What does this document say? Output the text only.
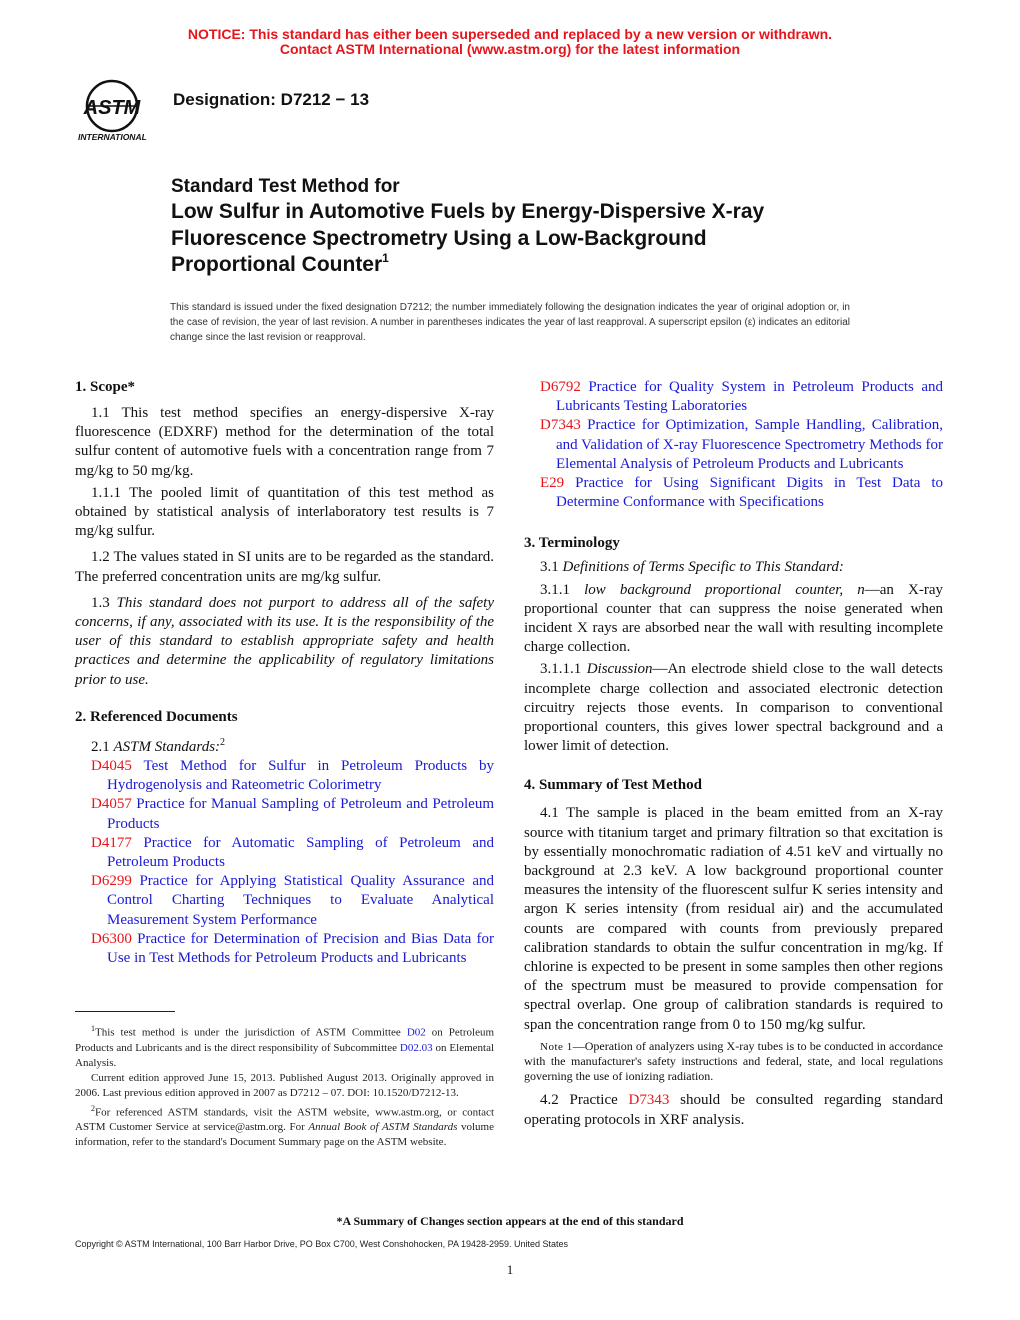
NOTICE: This standard has either been superseded and replaced by a new version or withdrawn.
Contact ASTM International (www.astm.org) for the latest information
ASTM
INTERNATIONAL
Designation: D7212 − 13
Standard Test Method for
Low Sulfur in Automotive Fuels by Energy-Dispersive X-ray
Fluorescence Spectrometry Using a Low-Background
Proportional Counter$^1$
This standard is issued under the fixed designation D7212; the number immediately following the designation indicates the year of original adoption or, in the case of revision, the year of last revision. A number in parentheses indicates the year of last reapproval. A superscript epsilon (ε) indicates an editorial change since the last revision or reapproval.
1. Scope*

1.1 This test method specifies an energy-dispersive X-ray fluorescence (EDXRF) method for the determination of the total sulfur content of automotive fuels with a concentration range from 7 mg/kg to 50 mg/kg.

1.1.1 The pooled limit of quantitation of this test method as obtained by statistical analysis of interlaboratory test results is 7 mg/kg sulfur.

1.2 The values stated in SI units are to be regarded as the standard. The preferred concentration units are mg/kg sulfur.

1.3 This standard does not purport to address all of the safety concerns, if any, associated with its use. It is the responsibility of the user of this standard to establish appropriate safety and health practices and determine the applicability of regulatory limitations prior to use.

2. Referenced Documents

2.1 ASTM Standards:$^2$

D4045 Test Method for Sulfur in Petroleum Products by Hydrogenolysis and Rateometric Colorimetry

D4057 Practice for Manual Sampling of Petroleum and Petroleum Products

D4177 Practice for Automatic Sampling of Petroleum and Petroleum Products

D6299 Practice for Applying Statistical Quality Assurance and Control Charting Techniques to Evaluate Analytical Measurement System Performance

D6300 Practice for Determination of Precision and Bias Data for Use in Test Methods for Petroleum Products and Lubricants

$^1$This test method is under the jurisdiction of ASTM Committee D02 on Petroleum Products and Lubricants and is the direct responsibility of Subcommittee D02.03 on Elemental Analysis.

Current edition approved June 15, 2013. Published August 2013. Originally approved in 2006. Last previous edition approved in 2007 as D7212 – 07. DOI: 10.1520/D7212-13.

$^2$For referenced ASTM standards, visit the ASTM website, www.astm.org, or contact ASTM Customer Service at service@astm.org. For Annual Book of ASTM Standards volume information, refer to the standard's Document Summary page on the ASTM website.

D6792 Practice for Quality System in Petroleum Products and Lubricants Testing Laboratories

D7343 Practice for Optimization, Sample Handling, Calibration, and Validation of X-ray Fluorescence Spectrometry Methods for Elemental Analysis of Petroleum Products and Lubricants

E29 Practice for Using Significant Digits in Test Data to Determine Conformance with Specifications

3. Terminology

3.1 Definitions of Terms Specific to This Standard:

3.1.1 low background proportional counter, n—an X-ray proportional counter that can suppress the noise generated when incident X rays are absorbed near the wall with resulting incomplete charge collection.

3.1.1.1 Discussion—An electrode shield close to the wall detects incomplete charge collection and associated electronic detection circuitry rejects those events. In comparison to conventional proportional counters, this gives lower spectral background and a lower limit of detection.

4. Summary of Test Method

4.1 The sample is placed in the beam emitted from an X-ray source with titanium target and primary filtration so that excitation is by essentially monochromatic radiation of 4.51 keV and virtually no background at 2.3 keV. A low background proportional counter measures the intensity of the fluorescent sulfur K series intensity and argon K series intensity (from residual air) and the accumulated counts are compared with counts from previously prepared calibration standards to obtain the sulfur concentration in mg/kg. If chlorine is expected to be present in some samples then other regions of the spectrum must be measured to provide compensation for spectral overlap. One group of calibration standards is required to span the concentration range from 0 to 150 mg/kg sulfur.

Note 1—Operation of analyzers using X-ray tubes is to be conducted in accordance with the manufacturer's safety instructions and federal, state, and local regulations governing the use of ionizing radiation.

4.2 Practice D7343 should be consulted regarding standard operating protocols in XRF analysis.

*A Summary of Changes section appears at the end of this standard
Copyright © ASTM International, 100 Barr Harbor Drive, PO Box C700, West Conshohocken, PA 19428-2959. United States
1
